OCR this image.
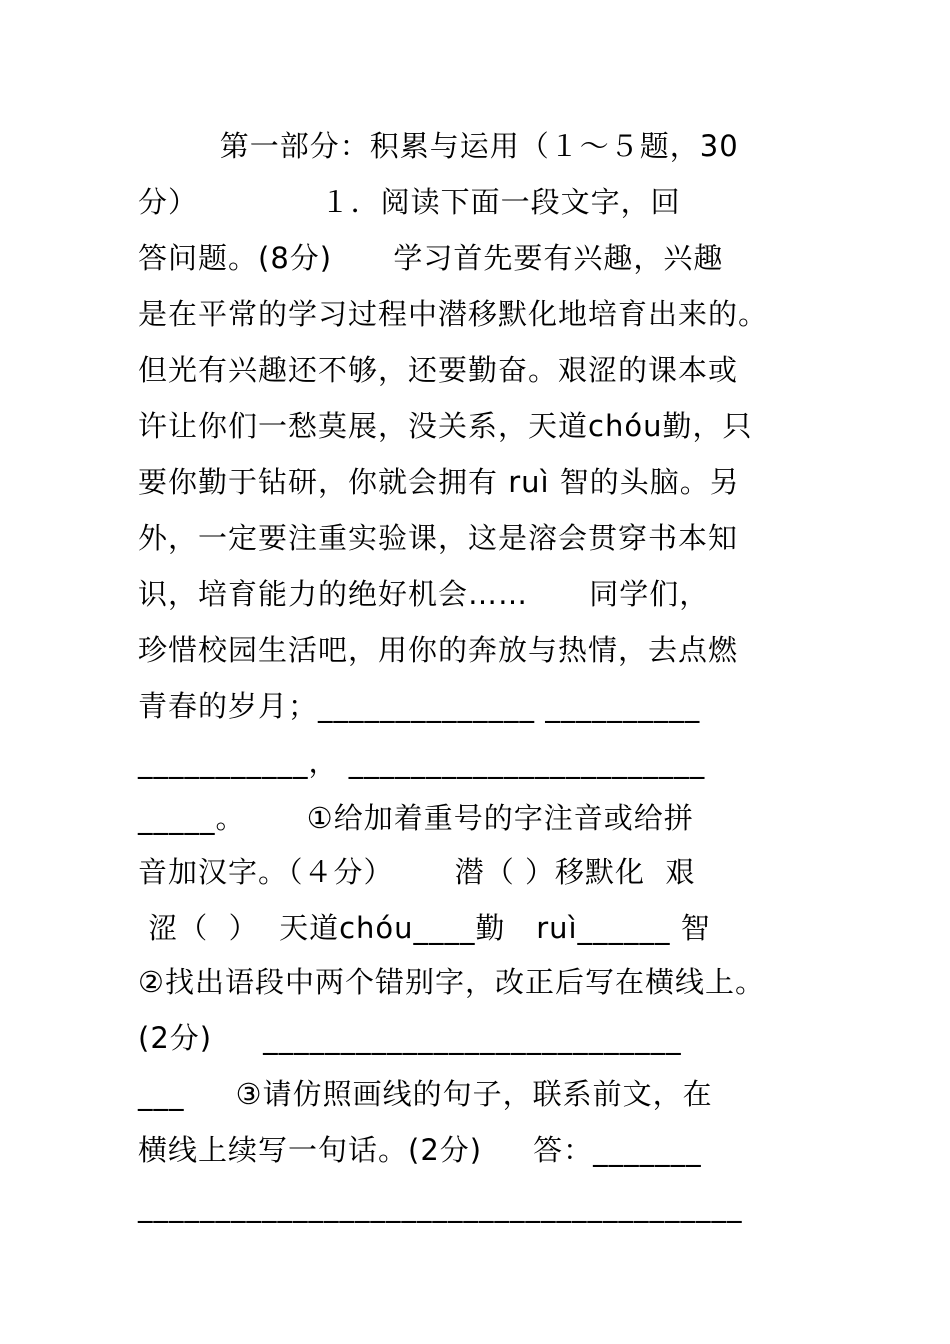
第一部分：积累与运用（１～５题，30
分）            １．阅读下面一段文字，回
答问题。(8分)      学习首先要有兴趣，兴趣
是在平常的学习过程中潜移默化地培育出来的。
但光有兴趣还不够，还要勤奋。艰涩的课本或
许让你们一愁莫展，没关系，天道chóu勤，只
要你勤于钻研，你就会拥有 ruì 智的头脑。另
外，一定要注重实验课，这是溶会贯穿书本知
识，培育能力的绝好机会……      同学们，
珍惜校园生活吧，用你的奔放与热情，去点燃
青春的岁月；______________ __________
___________， _______________________
_____。      ①给加着重号的字注音或给拼
音加汉字。（４分）      潜（ ）移默化  艰
涩（  ）  天道chóu____勤   ruì______ 智
②找出语段中两个错别字，改正后写在横线上。
(2分)     ___________________________
___     ③请仿照画线的句子，联系前文，在
横线上续写一句话。(2分)     答：_______
_______________________________________
